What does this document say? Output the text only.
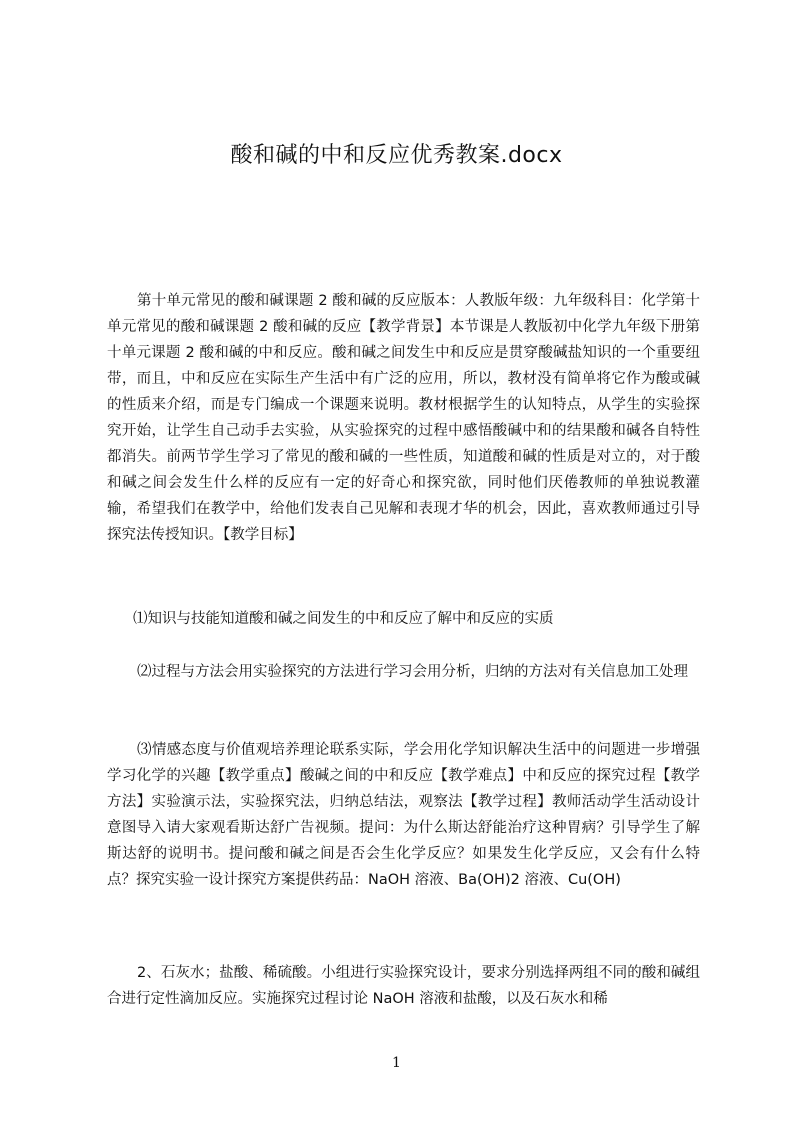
酸和碱的中和反应优秀教案.docx
第十单元常见的酸和碱课题 2 酸和碱的反应版本：人教版年级：九年级科目：化学第十单元常见的酸和碱课题 2 酸和碱的反应【教学背景】本节课是人教版初中化学九年级下册第十单元课题 2 酸和碱的中和反应。酸和碱之间发生中和反应是贯穿酸碱盐知识的一个重要纽带，而且，中和反应在实际生产生活中有广泛的应用，所以，教材没有简单将它作为酸或碱的性质来介绍，而是专门编成一个课题来说明。教材根据学生的认知特点，从学生的实验探究开始，让学生自己动手去实验，从实验探究的过程中感悟酸碱中和的结果酸和碱各自特性都消失。前两节学生学习了常见的酸和碱的一些性质，知道酸和碱的性质是对立的，对于酸和碱之间会发生什么样的反应有一定的好奇心和探究欲，同时他们厌倦教师的单独说教灌输，希望我们在教学中，给他们发表自己见解和表现才华的机会，因此，喜欢教师通过引导探究法传授知识。【教学目标】
⑴知识与技能知道酸和碱之间发生的中和反应了解中和反应的实质
⑵过程与方法会用实验探究的方法进行学习会用分析，归纳的方法对有关信息加工处理
⑶情感态度与价值观培养理论联系实际，学会用化学知识解决生活中的问题进一步增强学习化学的兴趣【教学重点】酸碱之间的中和反应【教学难点】中和反应的探究过程【教学方法】实验演示法，实验探究法，归纳总结法，观察法【教学过程】教师活动学生活动设计意图导入请大家观看斯达舒广告视频。提问：为什么斯达舒能治疗这种胃病？引导学生了解斯达舒的说明书。提问酸和碱之间是否会生化学反应？如果发生化学反应，又会有什么特点？探究实验一设计探究方案提供药品：NaOH 溶液、Ba(OH)2 溶液、Cu(OH)
2、石灰水；盐酸、稀硫酸。小组进行实验探究设计，要求分别选择两组不同的酸和碱组合进行定性滴加反应。实施探究过程讨论 NaOH 溶液和盐酸，以及石灰水和稀
1
